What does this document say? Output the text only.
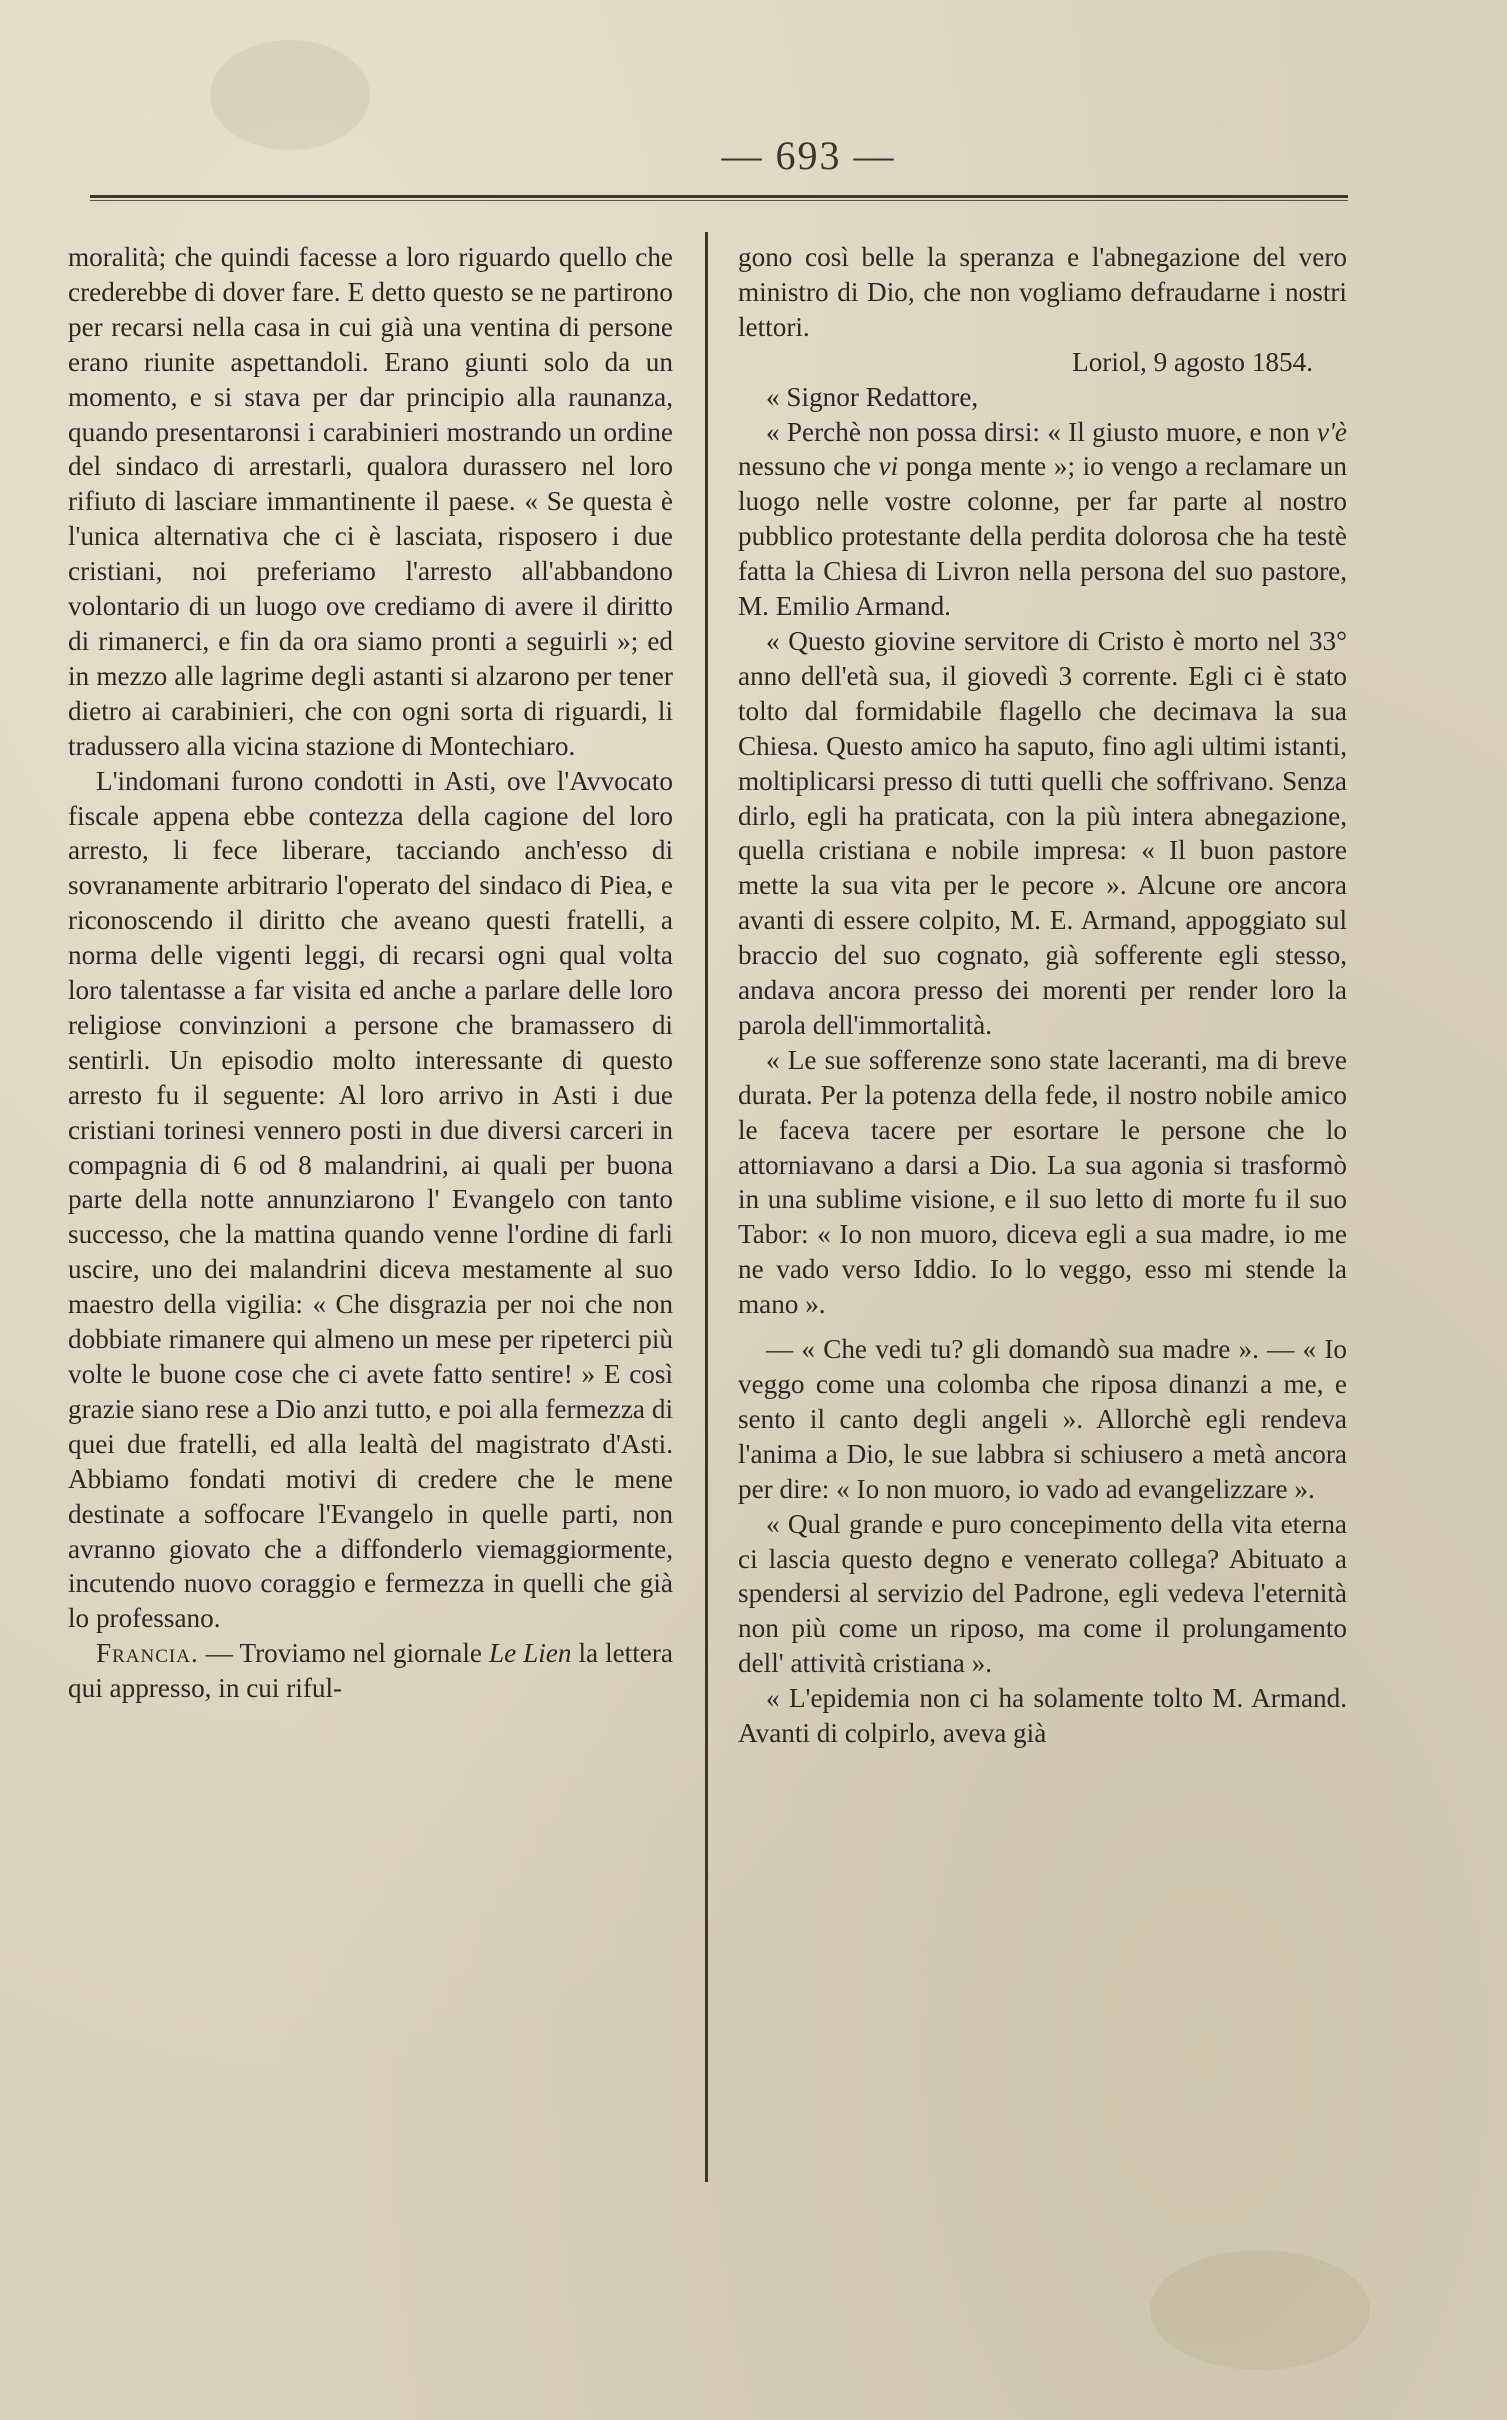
— 693 —

moralità; che quindi facesse a loro riguardo quello che crederebbe di dover fare. E detto questo se ne partirono per recarsi nella casa in cui già una ventina di persone erano riunite aspettandoli. Erano giunti solo da un momento, e si stava per dar principio alla raunanza, quando presentaronsi i carabinieri mostrando un ordine del sindaco di arrestarli, qualora durassero nel loro rifiuto di lasciare immantinente il paese. « Se questa è l'unica alternativa che ci è lasciata, risposero i due cristiani, noi preferiamo l'arresto all'abbandono volontario di un luogo ove crediamo di avere il diritto di rimanerci, e fin da ora siamo pronti a seguirli »; ed in mezzo alle lagrime degli astanti si alzarono per tener dietro ai carabinieri, che con ogni sorta di riguardi, li tradussero alla vicina stazione di Montechiaro.

L'indomani furono condotti in Asti, ove l'Avvocato fiscale appena ebbe contezza della cagione del loro arresto, li fece liberare, tacciando anch'esso di sovranamente arbitrario l'operato del sindaco di Piea, e riconoscendo il diritto che aveano questi fratelli, a norma delle vigenti leggi, di recarsi ogni qual volta loro talentasse a far visita ed anche a parlare delle loro religiose convinzioni a persone che bramassero di sentirli. Un episodio molto interessante di questo arresto fu il seguente: Al loro arrivo in Asti i due cristiani torinesi vennero posti in due diversi carceri in compagnia di 6 od 8 malandrini, ai quali per buona parte della notte annunziarono l' Evangelo con tanto successo, che la mattina quando venne l'ordine di farli uscire, uno dei malandrini diceva mestamente al suo maestro della vigilia: « Che disgrazia per noi che non dobbiate rimanere qui almeno un mese per ripeterci più volte le buone cose che ci avete fatto sentire! » E così grazie siano rese a Dio anzi tutto, e poi alla fermezza di quei due fratelli, ed alla lealtà del magistrato d'Asti. Abbiamo fondati motivi di credere che le mene destinate a soffocare l'Evangelo in quelle parti, non avranno giovato che a diffonderlo viemaggiormente, incutendo nuovo coraggio e fermezza in quelli che già lo professano.

Francia. — Troviamo nel giornale Le Lien la lettera qui appresso, in cui riful-

gono così belle la speranza e l'abnegazione del vero ministro di Dio, che non vogliamo defraudarne i nostri lettori.

Loriol, 9 agosto 1854.

« Signor Redattore,

« Perchè non possa dirsi: « Il giusto muore, e non v'è nessuno che vi ponga mente »; io vengo a reclamare un luogo nelle vostre colonne, per far parte al nostro pubblico protestante della perdita dolorosa che ha testè fatta la Chiesa di Livron nella persona del suo pastore, M. Emilio Armand.

« Questo giovine servitore di Cristo è morto nel 33° anno dell'età sua, il giovedì 3 corrente. Egli ci è stato tolto dal formidabile flagello che decimava la sua Chiesa. Questo amico ha saputo, fino agli ultimi istanti, moltiplicarsi presso di tutti quelli che soffrivano. Senza dirlo, egli ha praticata, con la più intera abnegazione, quella cristiana e nobile impresa: « Il buon pastore mette la sua vita per le pecore ». Alcune ore ancora avanti di essere colpito, M. E. Armand, appoggiato sul braccio del suo cognato, già sofferente egli stesso, andava ancora presso dei morenti per render loro la parola dell'immortalità.

« Le sue sofferenze sono state laceranti, ma di breve durata. Per la potenza della fede, il nostro nobile amico le faceva tacere per esortare le persone che lo attorniavano a darsi a Dio. La sua agonia si trasformò in una sublime visione, e il suo letto di morte fu il suo Tabor: « Io non muoro, diceva egli a sua madre, io me ne vado verso Iddio. Io lo veggo, esso mi stende la mano ».

— « Che vedi tu? gli domandò sua madre ». — « Io veggo come una colomba che riposa dinanzi a me, e sento il canto degli angeli ». Allorchè egli rendeva l'anima a Dio, le sue labbra si schiusero a metà ancora per dire: « Io non muoro, io vado ad evangelizzare ».

« Qual grande e puro concepimento della vita eterna ci lascia questo degno e venerato collega? Abituato a spendersi al servizio del Padrone, egli vedeva l'eternità non più come un riposo, ma come il prolungamento dell' attività cristiana ».

« L'epidemia non ci ha solamente tolto M. Armand. Avanti di colpirlo, aveva già
